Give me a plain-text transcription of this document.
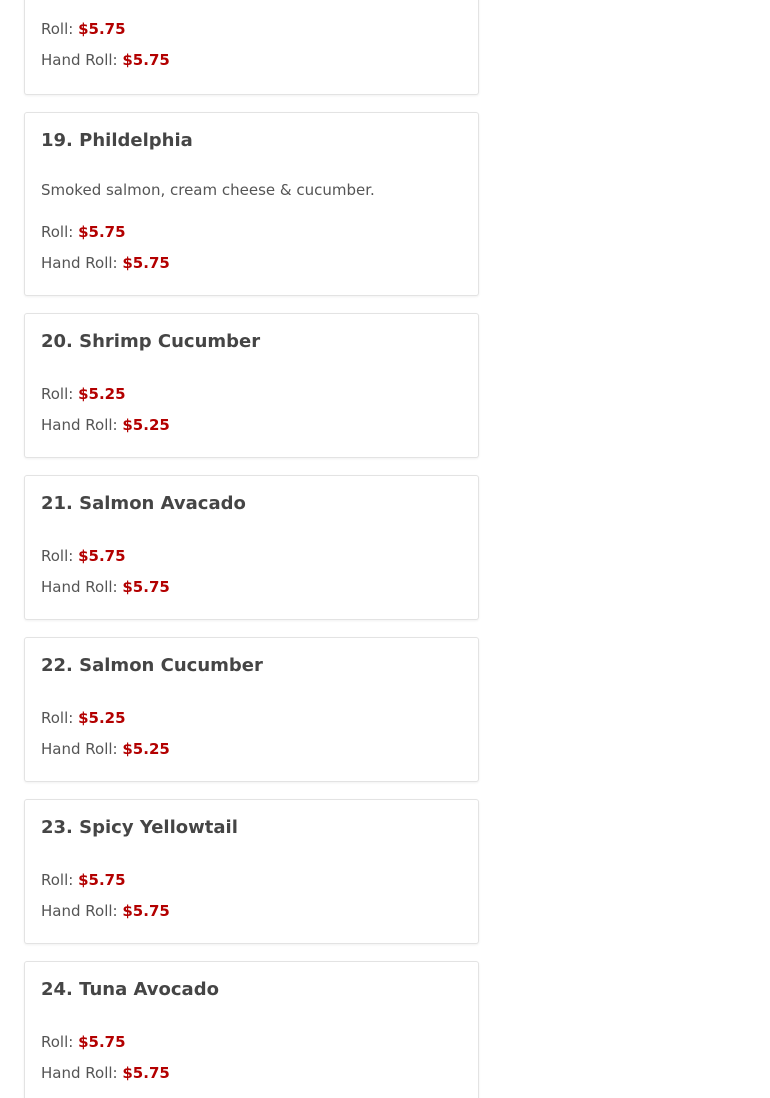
Roll: $5.75
Hand Roll: $5.75
19. Phildelphia
Smoked salmon, cream cheese & cucumber.
Roll: $5.75
Hand Roll: $5.75
20. Shrimp Cucumber
Roll: $5.25
Hand Roll: $5.25
21. Salmon Avacado
Roll: $5.75
Hand Roll: $5.75
22. Salmon Cucumber
Roll: $5.25
Hand Roll: $5.25
23. Spicy Yellowtail
Roll: $5.75
Hand Roll: $5.75
24. Tuna Avocado
Roll: $5.75
Hand Roll: $5.75
